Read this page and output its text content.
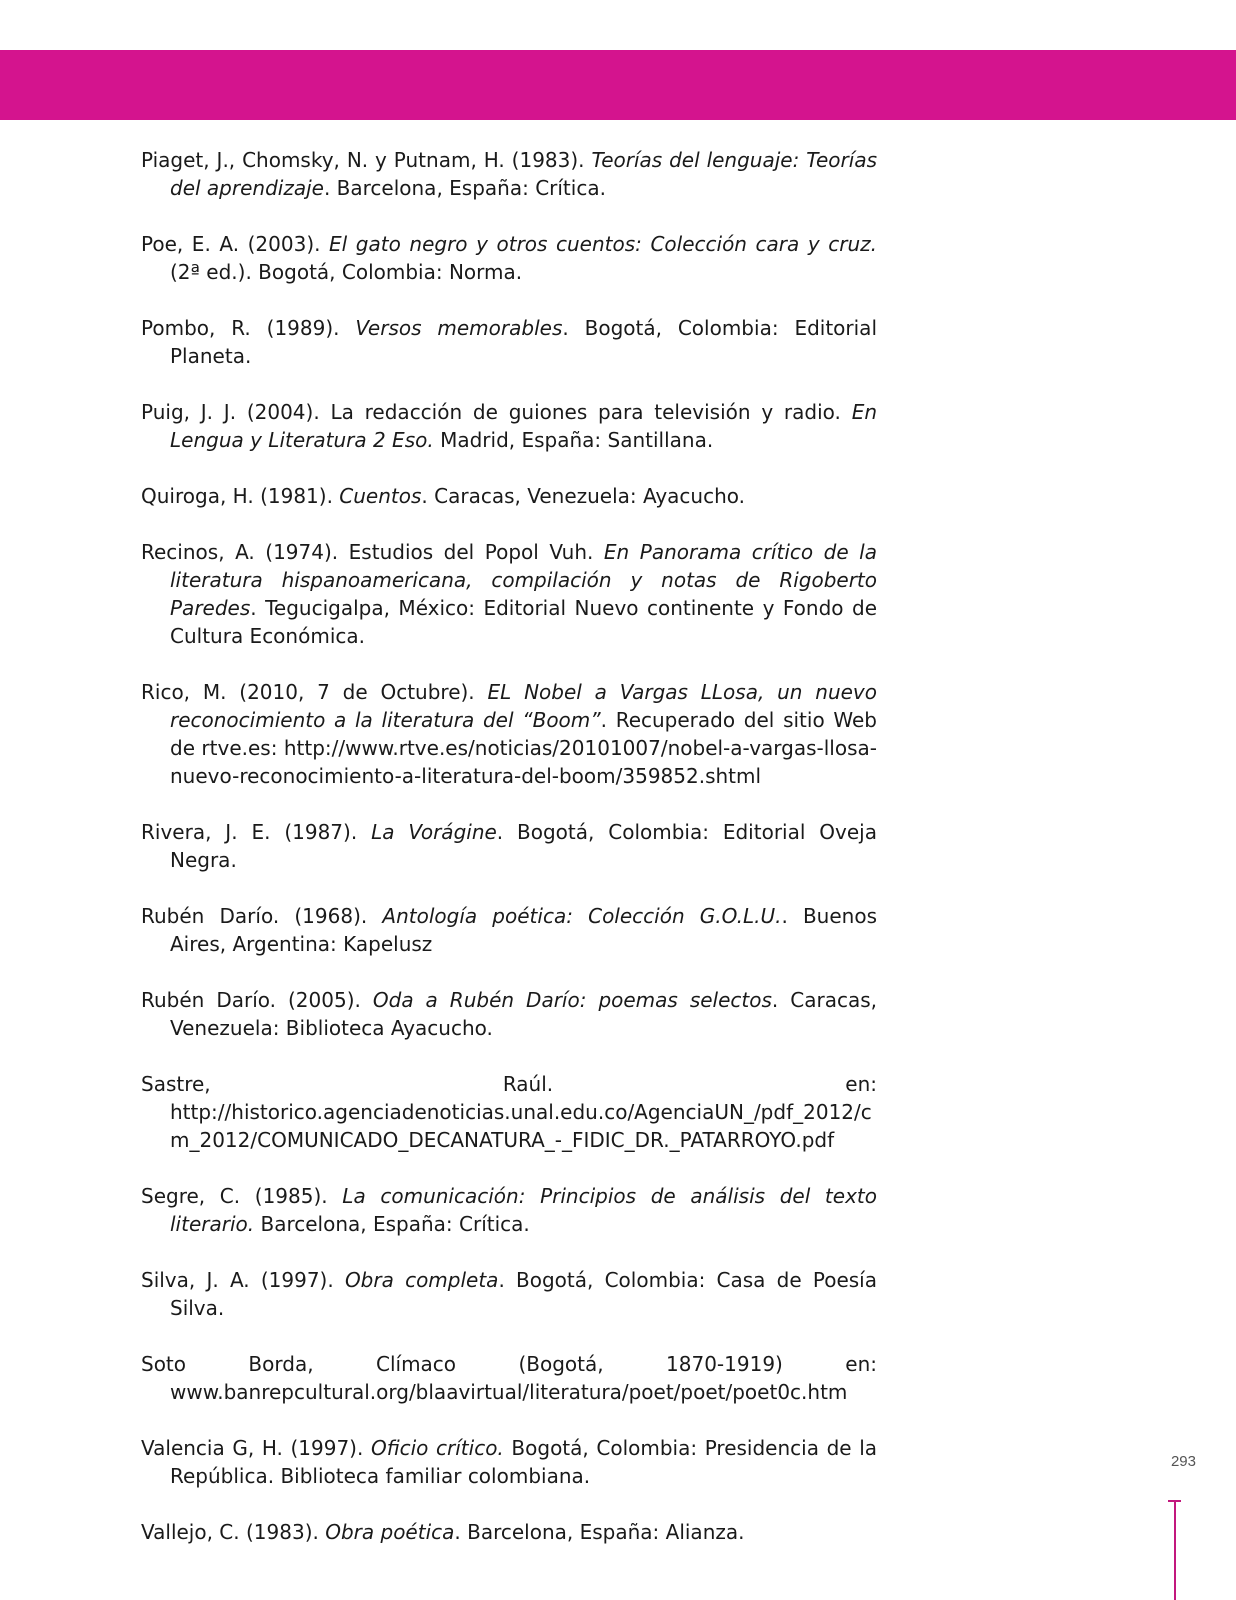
Piaget, J., Chomsky, N. y Putnam, H. (1983). Teorías del lenguaje: Teorías del aprendizaje. Barcelona, España: Crítica.
Poe, E. A. (2003). El gato negro y otros cuentos: Colección cara y cruz. (2ª ed.). Bogotá, Colombia: Norma.
Pombo, R. (1989). Versos memorables. Bogotá, Colombia: Editorial Planeta.
Puig, J. J. (2004). La redacción de guiones para televisión y radio. En Lengua y Literatura 2 Eso. Madrid, España: Santillana.
Quiroga, H. (1981). Cuentos. Caracas, Venezuela: Ayacucho.
Recinos, A. (1974). Estudios del Popol Vuh. En Panorama crítico de la literatura hispanoamericana, compilación y notas de Rigoberto Paredes. Tegucigalpa, México: Editorial Nuevo continente y Fondo de Cultura Económica.
Rico, M. (2010, 7 de Octubre). EL Nobel a Vargas LLosa, un nuevo reconocimiento a la literatura del “Boom”. Recuperado del sitio Web de rtve.es: http://www.rtve.es/noticias/20101007/nobel-a-vargas-llosa-nuevo-reconocimiento-a-literatura-del-boom/359852.shtml
Rivera, J. E. (1987). La Vorágine. Bogotá, Colombia: Editorial Oveja Negra.
Rubén Darío. (1968). Antología poética: Colección G.O.L.U.. Buenos Aires, Argentina: Kapelusz
Rubén Darío. (2005). Oda a Rubén Darío: poemas selectos. Caracas, Venezuela: Biblioteca Ayacucho.
Sastre, Raúl. en: http://historico.agenciadenoticias.unal.edu.co/AgenciaUN_/pdf_2012/cm_2012/COMUNICADO_DECANATURA_-_FIDIC_DR._PATARROYO.pdf
Segre, C. (1985). La comunicación: Principios de análisis del texto literario. Barcelona, España: Crítica.
Silva, J. A. (1997). Obra completa. Bogotá, Colombia: Casa de Poesía Silva.
Soto Borda, Clímaco (Bogotá, 1870-1919) en: www.banrepcultural.org/blaavirtual/literatura/poet/poet/poet0c.htm
Valencia G, H. (1997). Oficio crítico. Bogotá, Colombia: Presidencia de la República. Biblioteca familiar colombiana.
Vallejo, C. (1983). Obra poética. Barcelona, España: Alianza.
293
